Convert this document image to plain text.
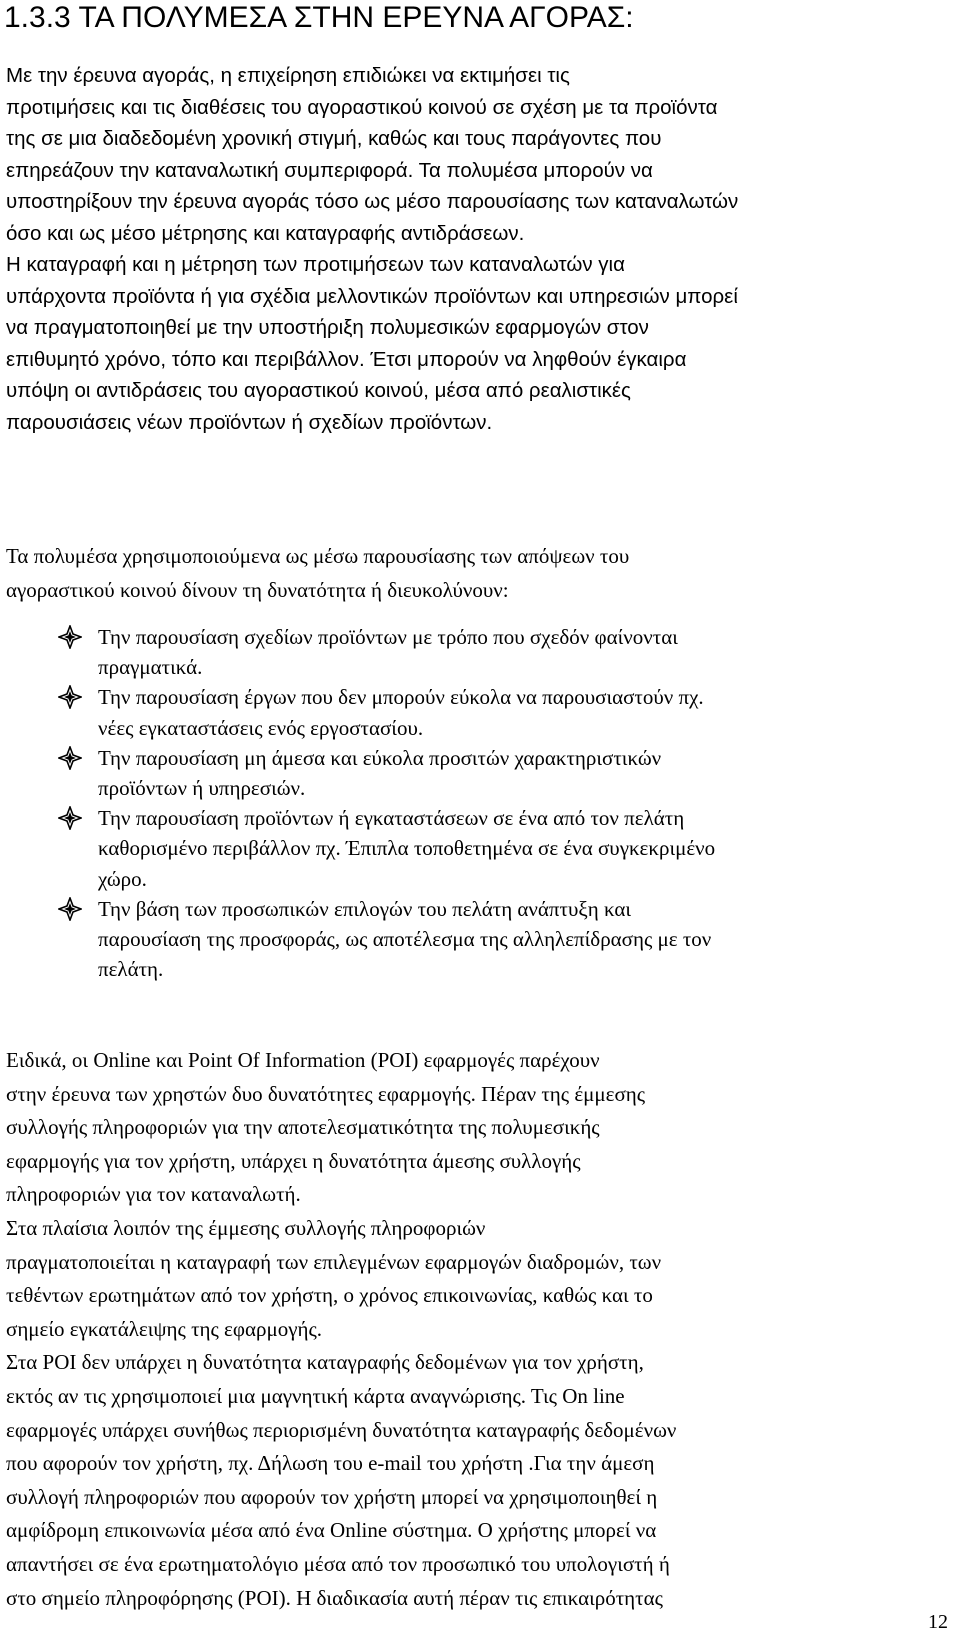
1.3.3 ΤΑ ΠΟΛΥΜΕΣΑ ΣΤΗΝ ΕΡΕΥΝΑ ΑΓΟΡΑΣ:
Με την έρευνα αγοράς, η επιχείρηση επιδιώκει να εκτιμήσει τις
προτιμήσεις και τις διαθέσεις του αγοραστικού κοινού σε σχέση με τα προϊόντα
της σε μια διαδεδομένη χρονική στιγμή, καθώς και τους παράγοντες που
επηρεάζουν την καταναλωτική συμπεριφορά. Τα πολυμέσα μπορούν να
υποστηρίξουν την έρευνα αγοράς τόσο ως μέσο παρουσίασης των καταναλωτών
όσο και ως μέσο μέτρησης και καταγραφής αντιδράσεων.
Η καταγραφή και η μέτρηση των προτιμήσεων των καταναλωτών για
υπάρχοντα προϊόντα ή για σχέδια μελλοντικών προϊόντων και υπηρεσιών μπορεί
να πραγματοποιηθεί με την υποστήριξη πολυμεσικών εφαρμογών στον
επιθυμητό χρόνο, τόπο και περιβάλλον. Έτσι μπορούν να ληφθούν έγκαιρα
υπόψη οι αντιδράσεις του αγοραστικού κοινού, μέσα από ρεαλιστικές
παρουσιάσεις νέων προϊόντων ή σχεδίων προϊόντων.
Τα πολυμέσα χρησιμοποιούμενα ως μέσω παρουσίασης των απόψεων του
αγοραστικού κοινού δίνουν τη δυνατότητα ή διευκολύνουν:
Την παρουσίαση σχεδίων προϊόντων με τρόπο που σχεδόν φαίνονται
πραγματικά.
Την παρουσίαση έργων που δεν μπορούν εύκολα να παρουσιαστούν πχ.
νέες εγκαταστάσεις ενός εργοστασίου.
Την παρουσίαση μη άμεσα και εύκολα προσιτών χαρακτηριστικών
προϊόντων ή υπηρεσιών.
Την παρουσίαση προϊόντων ή εγκαταστάσεων σε ένα από τον πελάτη
καθορισμένο περιβάλλον πχ. Έπιπλα τοποθετημένα σε ένα συγκεκριμένο
χώρο.
Την βάση των προσωπικών επιλογών του πελάτη ανάπτυξη και
παρουσίαση της προσφοράς, ως αποτέλεσμα της αλληλεπίδρασης με τον
πελάτη.
Ειδικά, οι Online και Point Of Information (POI) εφαρμογές παρέχουν
στην έρευνα των χρηστών δυο δυνατότητες εφαρμογής. Πέραν της έμμεσης
συλλογής πληροφοριών για την αποτελεσματικότητα της πολυμεσικής
εφαρμογής για τον χρήστη, υπάρχει η δυνατότητα άμεσης συλλογής
πληροφοριών για τον καταναλωτή.
Στα πλαίσια λοιπόν της έμμεσης συλλογής πληροφοριών
πραγματοποιείται η καταγραφή των επιλεγμένων εφαρμογών διαδρομών, των
τεθέντων ερωτημάτων από τον χρήστη, ο χρόνος επικοινωνίας, καθώς και το
σημείο εγκατάλειψης της εφαρμογής.
Στα POI δεν υπάρχει η δυνατότητα καταγραφής δεδομένων για τον χρήστη,
εκτός αν τις χρησιμοποιεί μια μαγνητική κάρτα αναγνώρισης. Τις On line
εφαρμογές υπάρχει συνήθως περιορισμένη δυνατότητα καταγραφής δεδομένων
που αφορούν τον χρήστη, πχ. Δήλωση του e-mail του χρήστη .Για την άμεση
συλλογή πληροφοριών που αφορούν τον χρήστη μπορεί να χρησιμοποιηθεί η
αμφίδρομη επικοινωνία μέσα από ένα Online σύστημα. Ο χρήστης μπορεί να
απαντήσει σε ένα ερωτηματολόγιο μέσα από τον προσωπικό του υπολογιστή ή
στο σημείο πληροφόρησης (POI). Η διαδικασία αυτή πέραν τις επικαιρότητας
12
